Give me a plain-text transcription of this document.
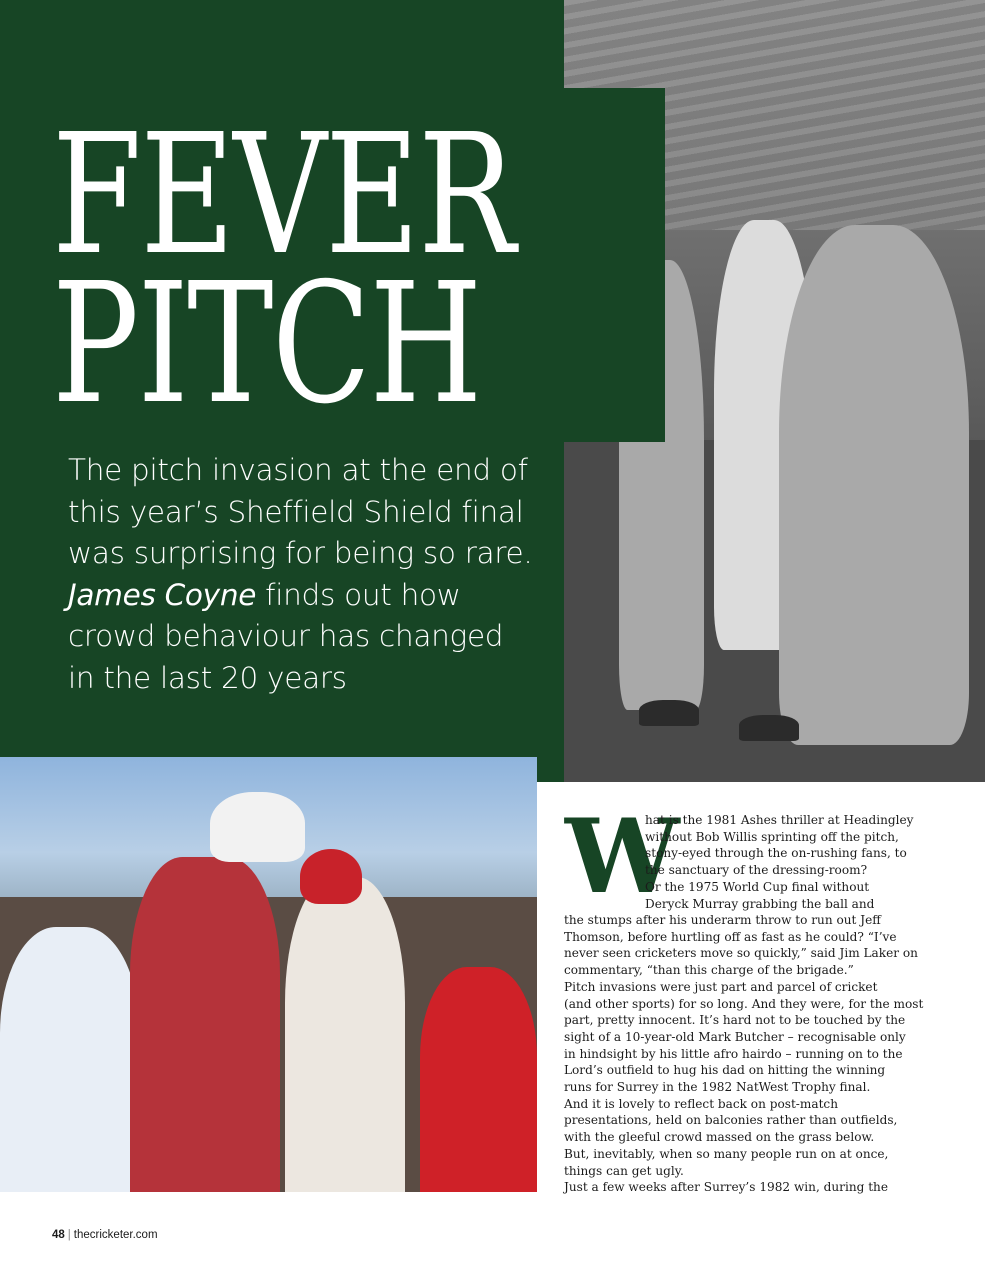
FEVER
PITCH

The pitch invasion at the end of this year’s Sheffield Shield final was surprising for being so rare. James Coyne finds out how crowd behaviour has changed in the last 20 years

W
hat is the 1981 Ashes thriller at Headingley
without Bob Willis sprinting off the pitch,
stony-eyed through the on-rushing fans, to
the sanctuary of the dressing-room?
Or the 1975 World Cup final without
Deryck Murray grabbing the ball and
the stumps after his underarm throw to run out Jeff
Thomson, before hurtling off as fast as he could? “I’ve
never seen cricketers move so quickly,” said Jim Laker on
commentary, “than this charge of the brigade.”
Pitch invasions were just part and parcel of cricket
(and other sports) for so long. And they were, for the most
part, pretty innocent. It’s hard not to be touched by the
sight of a 10-year-old Mark Butcher – recognisable only
in hindsight by his little afro hairdo – running on to the
Lord’s outfield to hug his dad on hitting the winning
runs for Surrey in the 1982 NatWest Trophy final.
And it is lovely to reflect back on post-match
presentations, held on balconies rather than outfields,
with the gleeful crowd massed on the grass below.
But, inevitably, when so many people run on at once,
things can get ugly.
Just a few weeks after Surrey’s 1982 win, during the
48 | thecricketer.com
